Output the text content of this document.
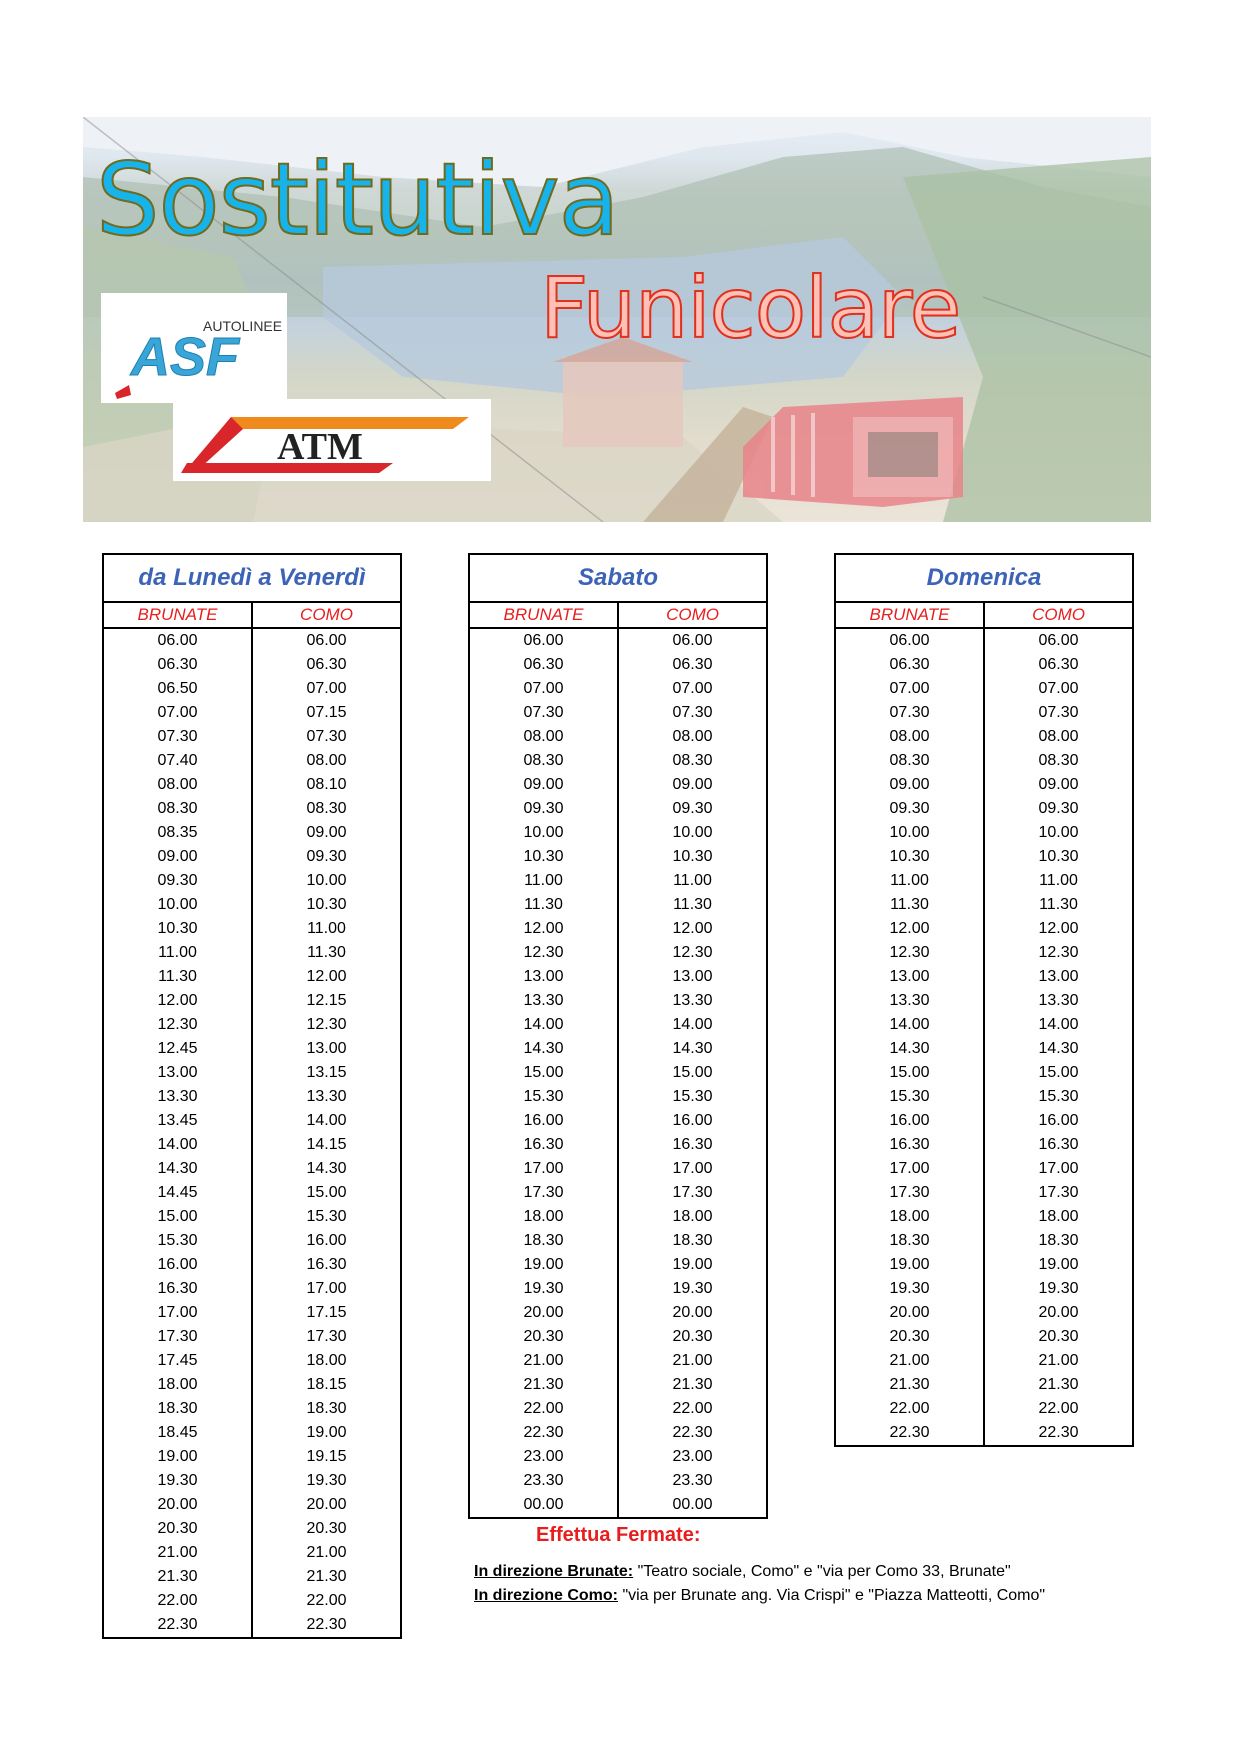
Sostitutiva
Funicolare
AUTOLINEE
ASF
ATM
da Lunedì a Venerdì	
BRUNATE	COMO
06.00	06.00
06.30	06.30
06.50	07.00
07.00	07.15
07.30	07.30
07.40	08.00
08.00	08.10
08.30	08.30
08.35	09.00
09.00	09.30
09.30	10.00
10.00	10.30
10.30	11.00
11.00	11.30
11.30	12.00
12.00	12.15
12.30	12.30
12.45	13.00
13.00	13.15
13.30	13.30
13.45	14.00
14.00	14.15
14.30	14.30
14.45	15.00
15.00	15.30
15.30	16.00
16.00	16.30
16.30	17.00
17.00	17.15
17.30	17.30
17.45	18.00
18.00	18.15
18.30	18.30
18.45	19.00
19.00	19.15
19.30	19.30
20.00	20.00
20.30	20.30
21.00	21.00
21.30	21.30
22.00	22.00
22.30	22.30
Sabato	
BRUNATE	COMO
06.00	06.00
06.30	06.30
07.00	07.00
07.30	07.30
08.00	08.00
08.30	08.30
09.00	09.00
09.30	09.30
10.00	10.00
10.30	10.30
11.00	11.00
11.30	11.30
12.00	12.00
12.30	12.30
13.00	13.00
13.30	13.30
14.00	14.00
14.30	14.30
15.00	15.00
15.30	15.30
16.00	16.00
16.30	16.30
17.00	17.00
17.30	17.30
18.00	18.00
18.30	18.30
19.00	19.00
19.30	19.30
20.00	20.00
20.30	20.30
21.00	21.00
21.30	21.30
22.00	22.00
22.30	22.30
23.00	23.00
23.30	23.30
00.00	00.00
Domenica	
BRUNATE	COMO
06.00	06.00
06.30	06.30
07.00	07.00
07.30	07.30
08.00	08.00
08.30	08.30
09.00	09.00
09.30	09.30
10.00	10.00
10.30	10.30
11.00	11.00
11.30	11.30
12.00	12.00
12.30	12.30
13.00	13.00
13.30	13.30
14.00	14.00
14.30	14.30
15.00	15.00
15.30	15.30
16.00	16.00
16.30	16.30
17.00	17.00
17.30	17.30
18.00	18.00
18.30	18.30
19.00	19.00
19.30	19.30
20.00	20.00
20.30	20.30
21.00	21.00
21.30	21.30
22.00	22.00
22.30	22.30

Effettua Fermate:

In direzione Brunate: "Teatro sociale, Como" e "via per Como 33, Brunate"

In direzione Como: "via per Brunate ang. Via Crispi" e "Piazza Matteotti, Como"
